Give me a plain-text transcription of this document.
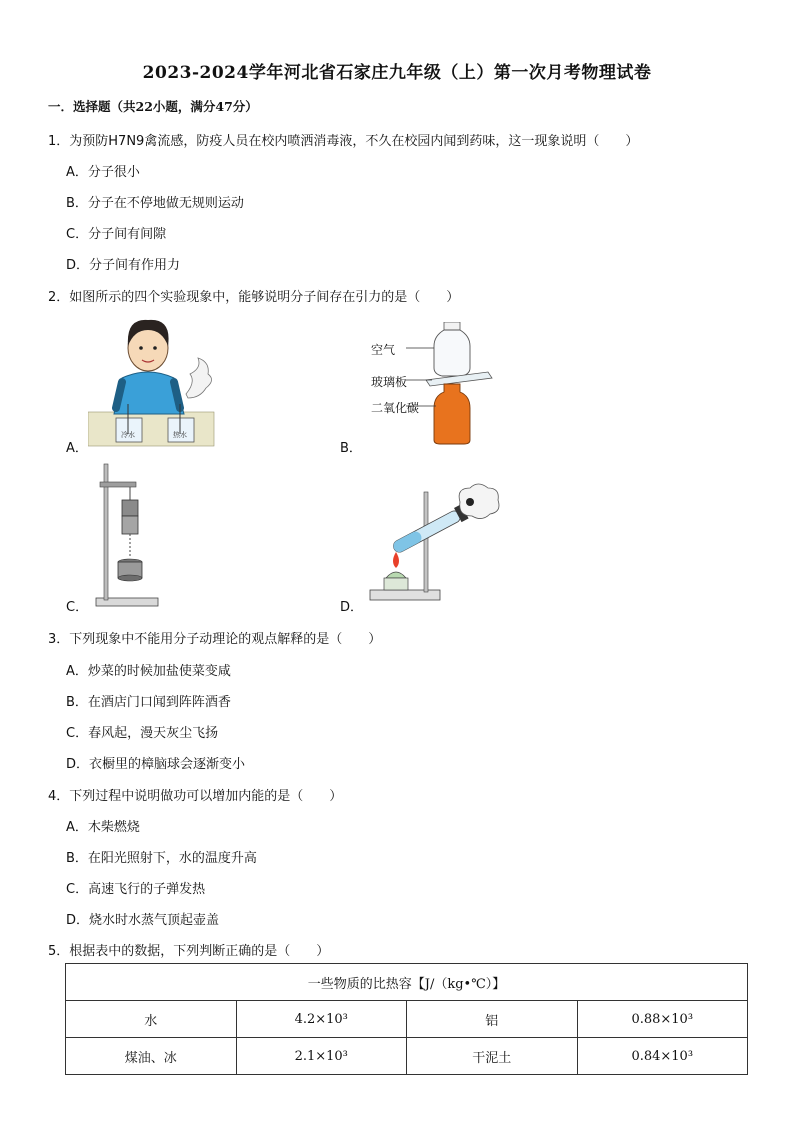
2023-2024学年河北省石家庄九年级（上）第一次月考物理试卷
一．选择题（共22小题，满分47分）
1．为预防H7N9禽流感，防疫人员在校内喷洒消毒液，不久在校园内闻到药味，这一现象说明（　　）
A．分子很小
B．分子在不停地做无规则运动
C．分子间有间隙
D．分子间有作用力
2．如图所示的四个实验现象中，能够说明分子间存在引力的是（　　）
冷水	热水
A．
空气
玻璃板
二氧化碳
B．
C．	D．
3．下列现象中不能用分子动理论的观点解释的是（　　）
A．炒菜的时候加盐使菜变咸
B．在酒店门口闻到阵阵酒香
C．春风起，漫天灰尘飞扬
D．衣橱里的樟脑球会逐渐变小
4．下列过程中说明做功可以增加内能的是（　　）
A．木柴燃烧
B．在阳光照射下，水的温度升高
C．高速飞行的子弹发热
D．烧水时水蒸气顶起壶盖
5．根据表中的数据，下列判断正确的是（　　）
一些物质的比热容【J/（kg•℃）】			
水	4.2×10³	铝	0.88×10³
煤油、冰	2.1×10³	干泥土	0.84×10³
